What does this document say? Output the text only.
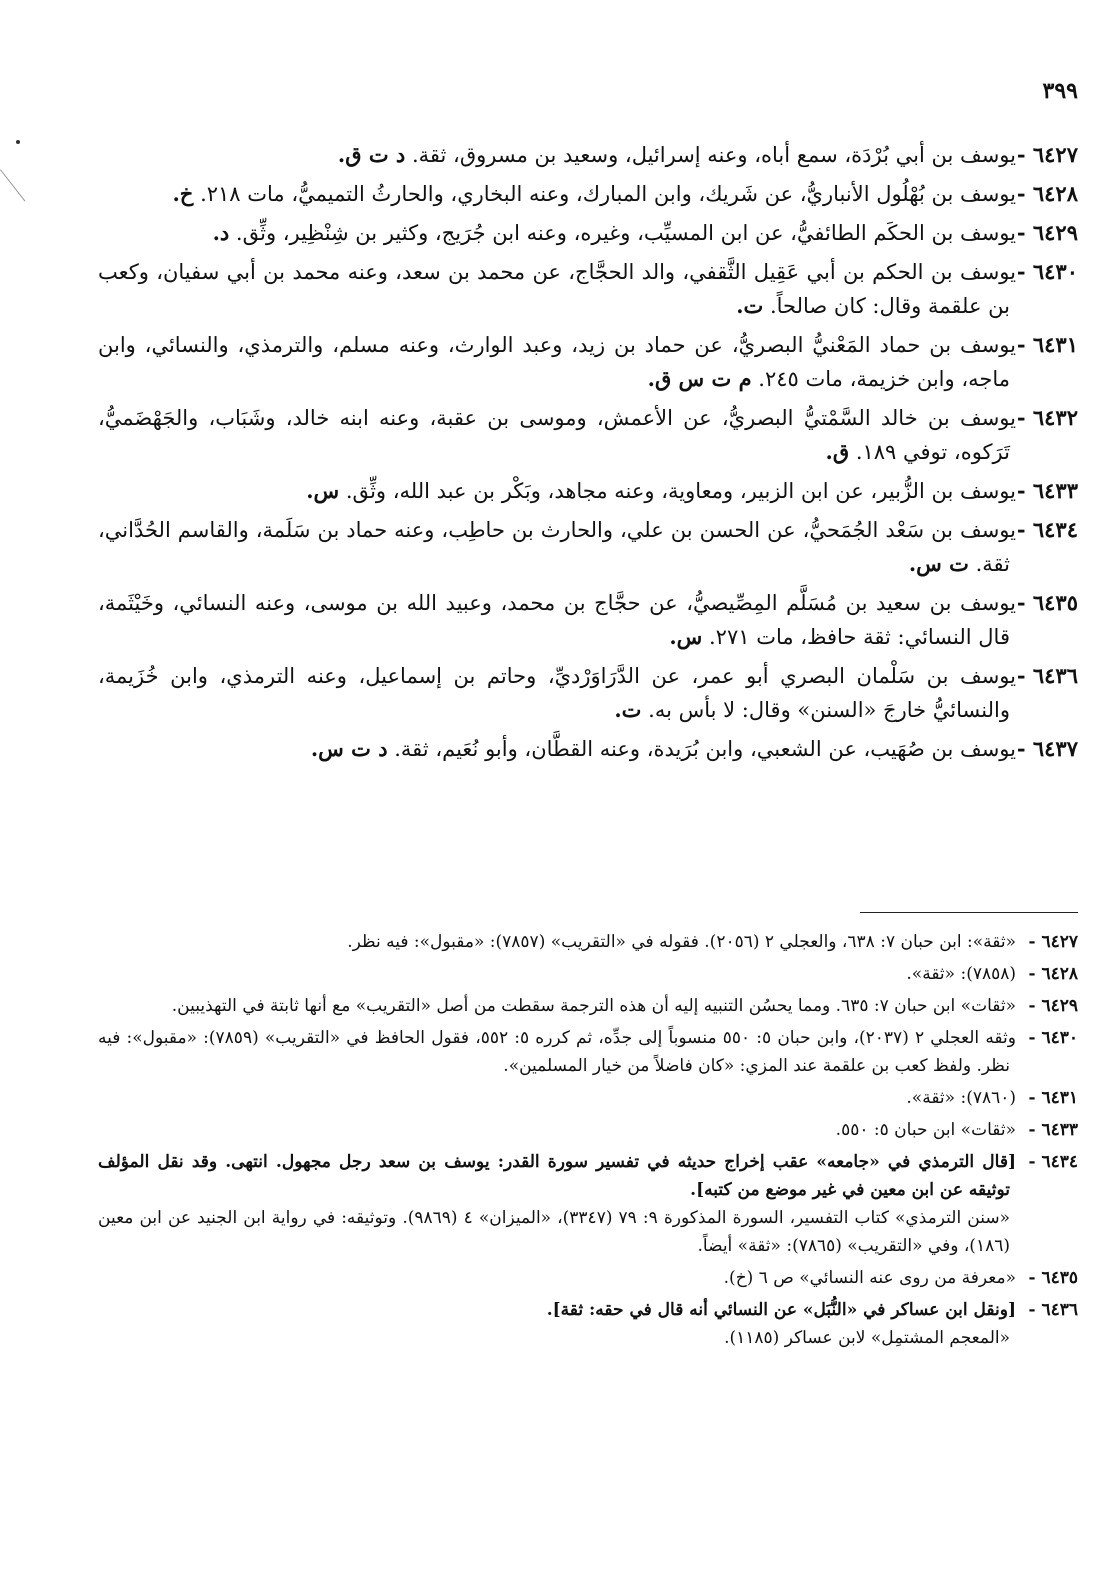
٣٩٩
٦٤٢٧ -يوسف بن أبي بُرْدَة، سمع أباه، وعنه إسرائيل، وسعيد بن مسروق، ثقة. د ت ق.
٦٤٢٨ -يوسف بن بُهْلُول الأنباريُّ، عن شَريك، وابن المبارك، وعنه البخاري، والحارثُ التميميُّ، مات ٢١٨. خ.
٦٤٢٩ -يوسف بن الحكَم الطائفيُّ، عن ابن المسيِّب، وغيره، وعنه ابن جُرَيج، وكثير بن شِنْظِير، وثِّق. د.
٦٤٣٠ -يوسف بن الحكم بن أبي عَقِيل الثَّقفي، والد الحجَّاج، عن محمد بن سعد، وعنه محمد بن أبي سفيان، وكعب بن علقمة وقال: كان صالحاً. ت.
٦٤٣١ -يوسف بن حماد المَعْنيُّ البصريُّ، عن حماد بن زيد، وعبد الوارث، وعنه مسلم، والترمذي، والنسائي، وابن ماجه، وابن خزيمة، مات ٢٤٥. م ت س ق.
٦٤٣٢ -يوسف بن خالد السَّمْتيُّ البصريُّ، عن الأعمش، وموسى بن عقبة، وعنه ابنه خالد، وشَبَاب، والجَهْضَميُّ، تَرَكوه، توفي ١٨٩. ق.
٦٤٣٣ -يوسف بن الزُّبير، عن ابن الزبير، ومعاوية، وعنه مجاهد، وبَكْر بن عبد الله، وثِّق. س.
٦٤٣٤ -يوسف بن سَعْد الجُمَحيُّ، عن الحسن بن علي، والحارث بن حاطِب، وعنه حماد بن سَلَمة، والقاسم الحُدَّاني، ثقة. ت س.
٦٤٣٥ -يوسف بن سعيد بن مُسَلَّم المِصِّيصيُّ، عن حجَّاج بن محمد، وعبيد الله بن موسى، وعنه النسائي، وخَيْثَمة، قال النسائي: ثقة حافظ، مات ٢٧١. س.
٦٤٣٦ -يوسف بن سَلْمان البصري أبو عمر، عن الدَّرَاوَرْديِّ، وحاتم بن إسماعيل، وعنه الترمذي، وابن خُزَيمة، والنسائيُّ خارجَ «السنن» وقال: لا بأس به. ت.
٦٤٣٧ -يوسف بن صُهَيب، عن الشعبي، وابن بُرَيدة، وعنه القطَّان، وأبو نُعَيم، ثقة. د ت س.
٦٤٢٧ -«ثقة»: ابن حبان ٧: ٦٣٨، والعجلي ٢ (٢٠٥٦). فقوله في «التقريب» (٧٨٥٧): «مقبول»: فيه نظر.
٦٤٢٨ -(٧٨٥٨): «ثقة».
٦٤٢٩ -«ثقات» ابن حبان ٧: ٦٣٥. ومما يحسُن التنبيه إليه أن هذه الترجمة سقطت من أصل «التقريب» مع أنها ثابتة في التهذيبين.
٦٤٣٠ -وثقه العجلي ٢ (٢٠٣٧)، وابن حبان ٥: ٥٥٠ منسوباً إلى جدِّه، ثم كرره ٥: ٥٥٢، فقول الحافظ في «التقريب» (٧٨٥٩): «مقبول»: فيه نظر. ولفظ كعب بن علقمة عند المزي: «كان فاضلاً من خيار المسلمين».
٦٤٣١ -(٧٨٦٠): «ثقة».
٦٤٣٣ -«ثقات» ابن حبان ٥: ٥٥٠.
٦٤٣٤ -[قال الترمذي في «جامعه» عقب إخراج حديثه في تفسير سورة القدر: يوسف بن سعد رجل مجهول. انتهى. وقد نقل المؤلف توثيقه عن ابن معين في غير موضع من كتبه].
«سنن الترمذي» كتاب التفسير، السورة المذكورة ٩: ٧٩ (٣٣٤٧)، «الميزان» ٤ (٩٨٦٩). وتوثيقه: في رواية ابن الجنيد عن ابن معين (١٨٦)، وفي «التقريب» (٧٨٦٥): «ثقة» أيضاً.
٦٤٣٥ -«معرفة من روى عنه النسائي» ص ٦ (خ).
٦٤٣٦ -[ونقل ابن عساكر في «النُّبَل» عن النسائي أنه قال في حقه: ثقة].
«المعجم المشتمِل» لابن عساكر (١١٨٥).
